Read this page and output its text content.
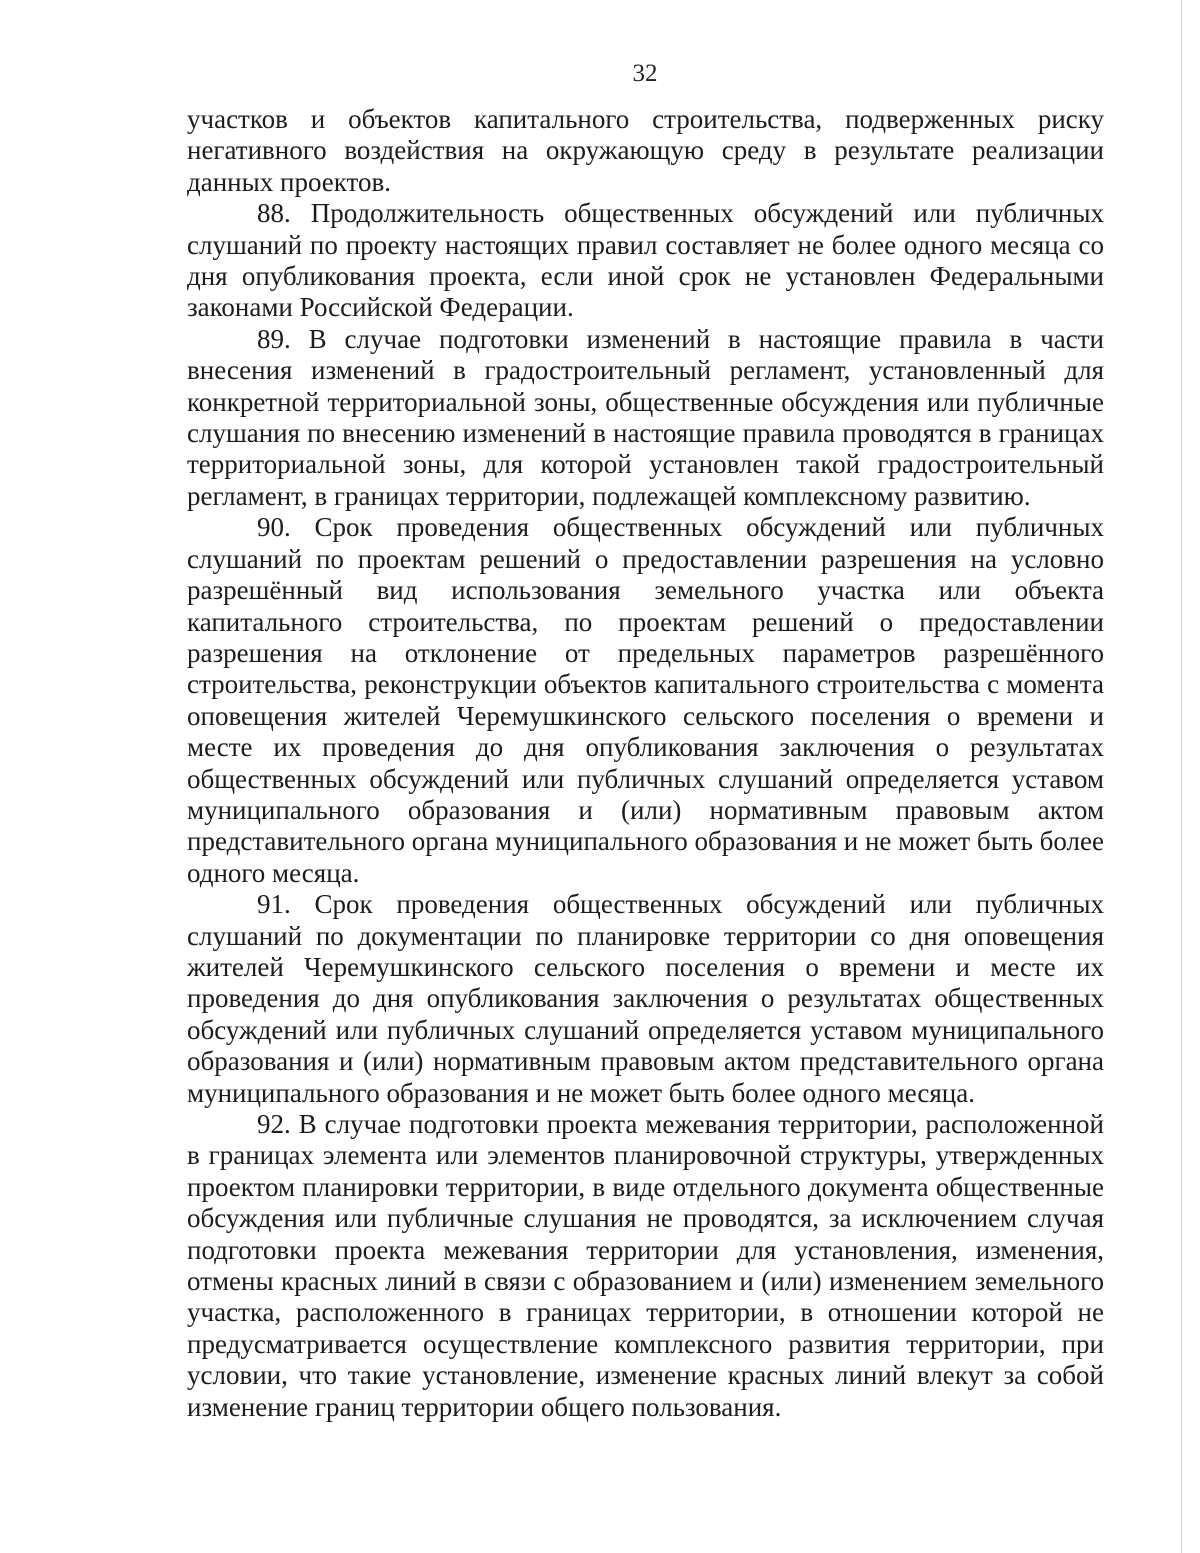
32

участков и объектов капитального строительства, подверженных риску негативного воздействия на окружающую среду в результате реализации данных проектов.

88. Продолжительность общественных обсуждений или публичных слушаний по проекту настоящих правил составляет не более одного месяца со дня опубликования проекта, если иной срок не установлен Федеральными законами Российской Федерации.

89. В случае подготовки изменений в настоящие правила в части внесения изменений в градостроительный регламент, установленный для конкретной территориальной зоны, общественные обсуждения или публичные слушания по внесению изменений в настоящие правила проводятся в границах территориальной зоны, для которой установлен такой градостроительный регламент, в границах территории, подлежащей комплексному развитию.

90. Срок проведения общественных обсуждений или публичных слушаний по проектам решений о предоставлении разрешения на условно разрешённый вид использования земельного участка или объекта капитального строительства, по проектам решений о предоставлении разрешения на отклонение от предельных параметров разрешённого строительства, реконструкции объектов капитального строительства с момента оповещения жителей Черемушкинского сельского поселения о времени и месте их проведения до дня опубликования заключения о результатах общественных обсуждений или публичных слушаний определяется уставом муниципального образования и (или) нормативным правовым актом представительного органа муниципального образования и не может быть более одного месяца.

91. Срок проведения общественных обсуждений или публичных слушаний по документации по планировке территории со дня оповещения жителей Черемушкинского сельского поселения о времени и месте их проведения до дня опубликования заключения о результатах общественных обсуждений или публичных слушаний определяется уставом муниципального образования и (или) нормативным правовым актом представительного органа муниципального образования и не может быть более одного месяца.

92. В случае подготовки проекта межевания территории, расположенной в границах элемента или элементов планировочной структуры, утвержденных проектом планировки территории, в виде отдельного документа общественные обсуждения или публичные слушания не проводятся, за исключением случая подготовки проекта межевания территории для установления, изменения, отмены красных линий в связи с образованием и (или) изменением земельного участка, расположенного в границах территории, в отношении которой не предусматривается осуществление комплексного развития территории, при условии, что такие установление, изменение красных линий влекут за собой изменение границ территории общего пользования.
